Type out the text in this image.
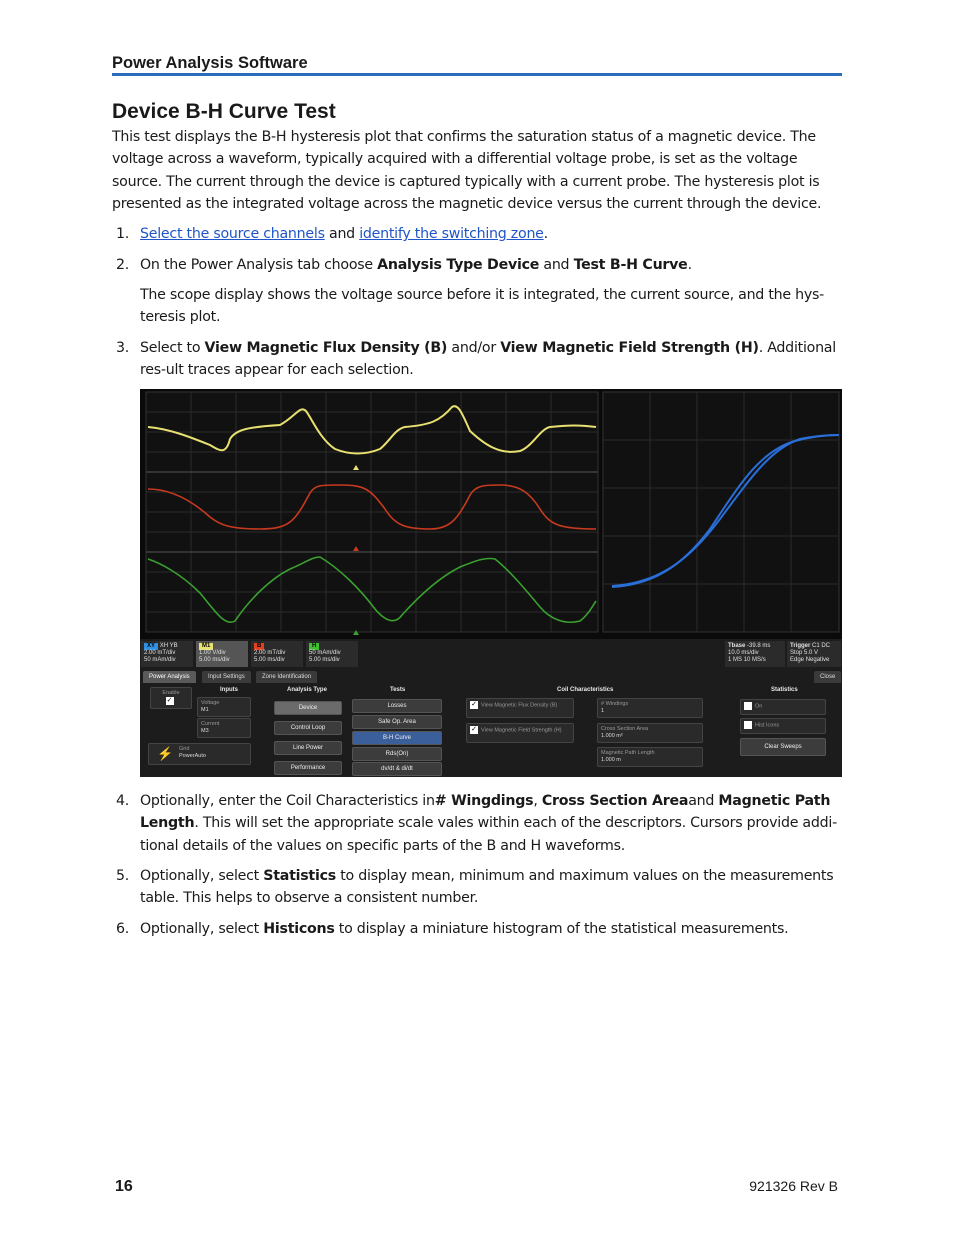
Power Analysis Software
Device B-H Curve Test
This test displays the B-H hysteresis plot that confirms the saturation status of a magnetic device. The voltage across a waveform, typically acquired with a differential voltage probe, is set as the voltage source. The current through the device is captured typically with a current probe. The hysteresis plot is presented as the integrated voltage across the magnetic device versus the current through the device.
1. Select the source channels and identify the switching zone.
2. On the Power Analysis tab choose Analysis Type Device and Test B-H Curve.
The scope display shows the voltage source before it is integrated, the current source, and the hys-teresis plot.
3. Select to View Magnetic Flux Density (B) and/or View Magnetic Field Strength (H). Additional res-ult traces appear for each selection.
XY XH YB
2.00 mT/div
50 mAm/div
M1
1.00 V/div
5.00 ms/div
B
2.00 mT/div
5.00 ms/div
H
50 mAm/div
5.00 ms/div
Tbase -39.8 ms
10.0 ms/div
1 MS 10 MS/s
Trigger C1 DC
Stop 5.0 V
Edge Negative
Power Analysis	Input Settings	Zone Identification	Close
Enable
✓
Inputs
Voltage
M1
Current
M3
⚡ Grid
PowerAuto
Analysis Type
Device
Control Loop
Line Power
Performance
Tests
Losses
Safe Op. Area
B-H Curve
Rds(On)
dv/dt & di/dt
Coil Characteristics
✓ View Magnetic Flux Density (B)
✓ View Magnetic Field Strength (H)
# Windings
1
Cross Section Area
1.000 m²
Magnetic Path Length
1.000 m
Statistics
On
Hist Icons
Clear Sweeps
4. Optionally, enter the Coil Characteristics in# Wingdings, Cross Section Areaand Magnetic Path Length. This will set the appropriate scale vales within each of the descriptors. Cursors provide addi-tional details of the values on specific parts of the B and H waveforms.
5. Optionally, select Statistics to display mean, minimum and maximum values on the measurements table. This helps to observe a consistent number.
6. Optionally, select Histicons to display a miniature histogram of the statistical measurements.
16	921326 Rev B
